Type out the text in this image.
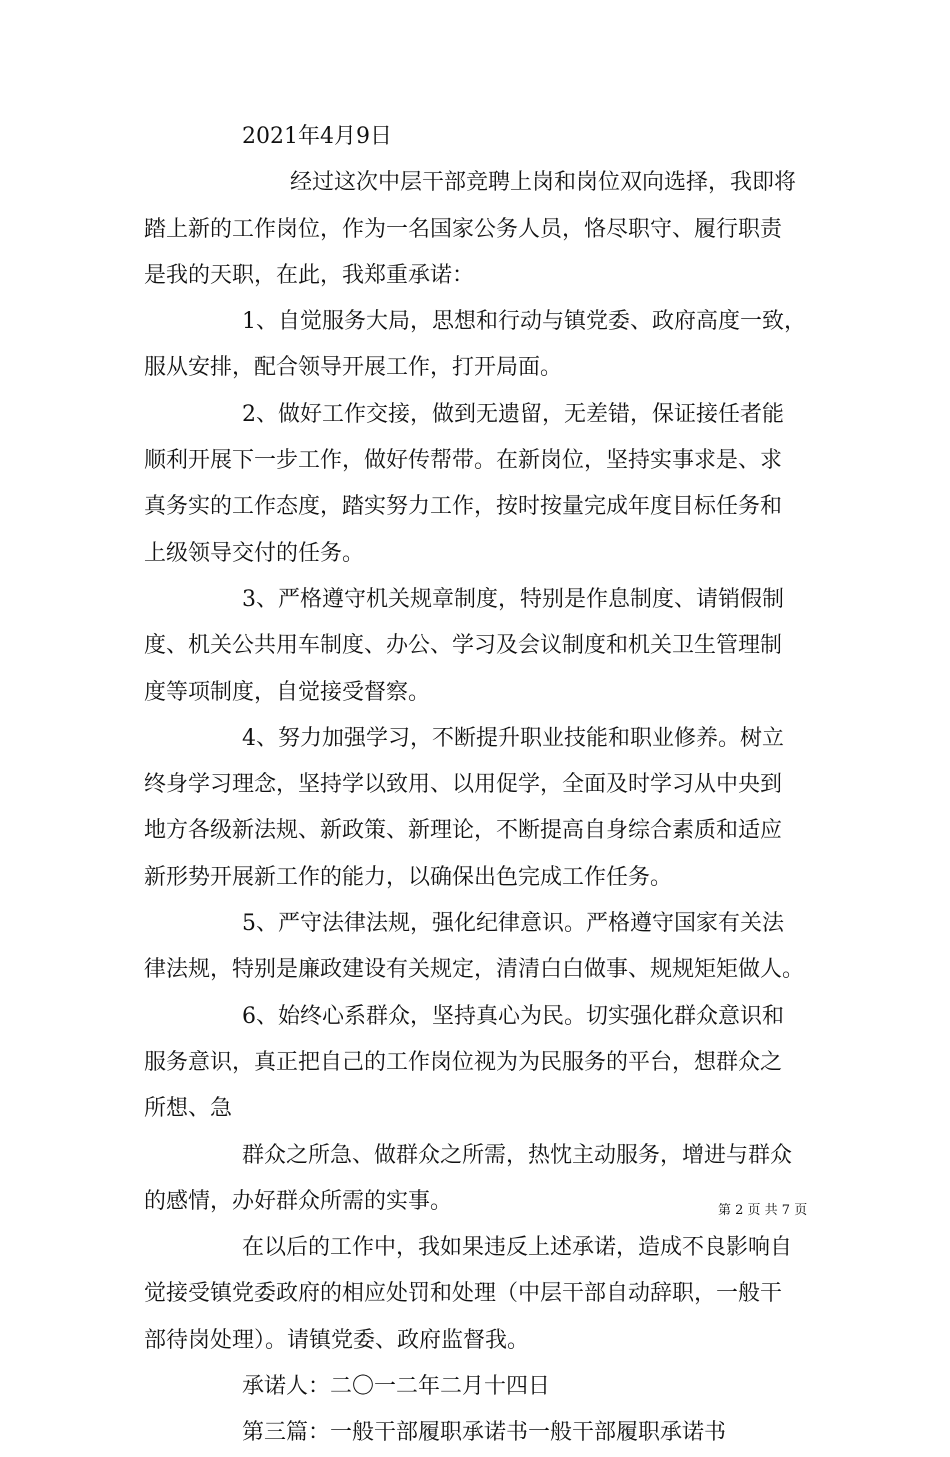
2021年4月9日

经过这次中层干部竞聘上岗和岗位双向选择，我即将

踏上新的工作岗位，作为一名国家公务人员，恪尽职守、履行职责

是我的天职，在此，我郑重承诺：

1、自觉服务大局，思想和行动与镇党委、政府高度一致，

服从安排，配合领导开展工作，打开局面。

2、做好工作交接，做到无遗留，无差错，保证接任者能

顺利开展下一步工作，做好传帮带。在新岗位，坚持实事求是、求

真务实的工作态度，踏实努力工作，按时按量完成年度目标任务和

上级领导交付的任务。

3、严格遵守机关规章制度，特别是作息制度、请销假制

度、机关公共用车制度、办公、学习及会议制度和机关卫生管理制

度等项制度，自觉接受督察。

4、努力加强学习，不断提升职业技能和职业修养。树立

终身学习理念，坚持学以致用、以用促学，全面及时学习从中央到

地方各级新法规、新政策、新理论，不断提高自身综合素质和适应

新形势开展新工作的能力，以确保出色完成工作任务。

5、严守法律法规，强化纪律意识。严格遵守国家有关法

律法规，特别是廉政建设有关规定，清清白白做事、规规矩矩做人。

6、始终心系群众，坚持真心为民。切实强化群众意识和

服务意识，真正把自己的工作岗位视为为民服务的平台，想群众之

所想、急

群众之所急、做群众之所需，热忱主动服务，增进与群众

的感情，办好群众所需的实事。

在以后的工作中，我如果违反上述承诺，造成不良影响自

觉接受镇党委政府的相应处罚和处理（中层干部自动辞职，一般干

部待岗处理）。请镇党委、政府监督我。

承诺人：二〇一二年二月十四日

第三篇：一般干部履职承诺书一般干部履职承诺书

第 2 页 共 7 页
